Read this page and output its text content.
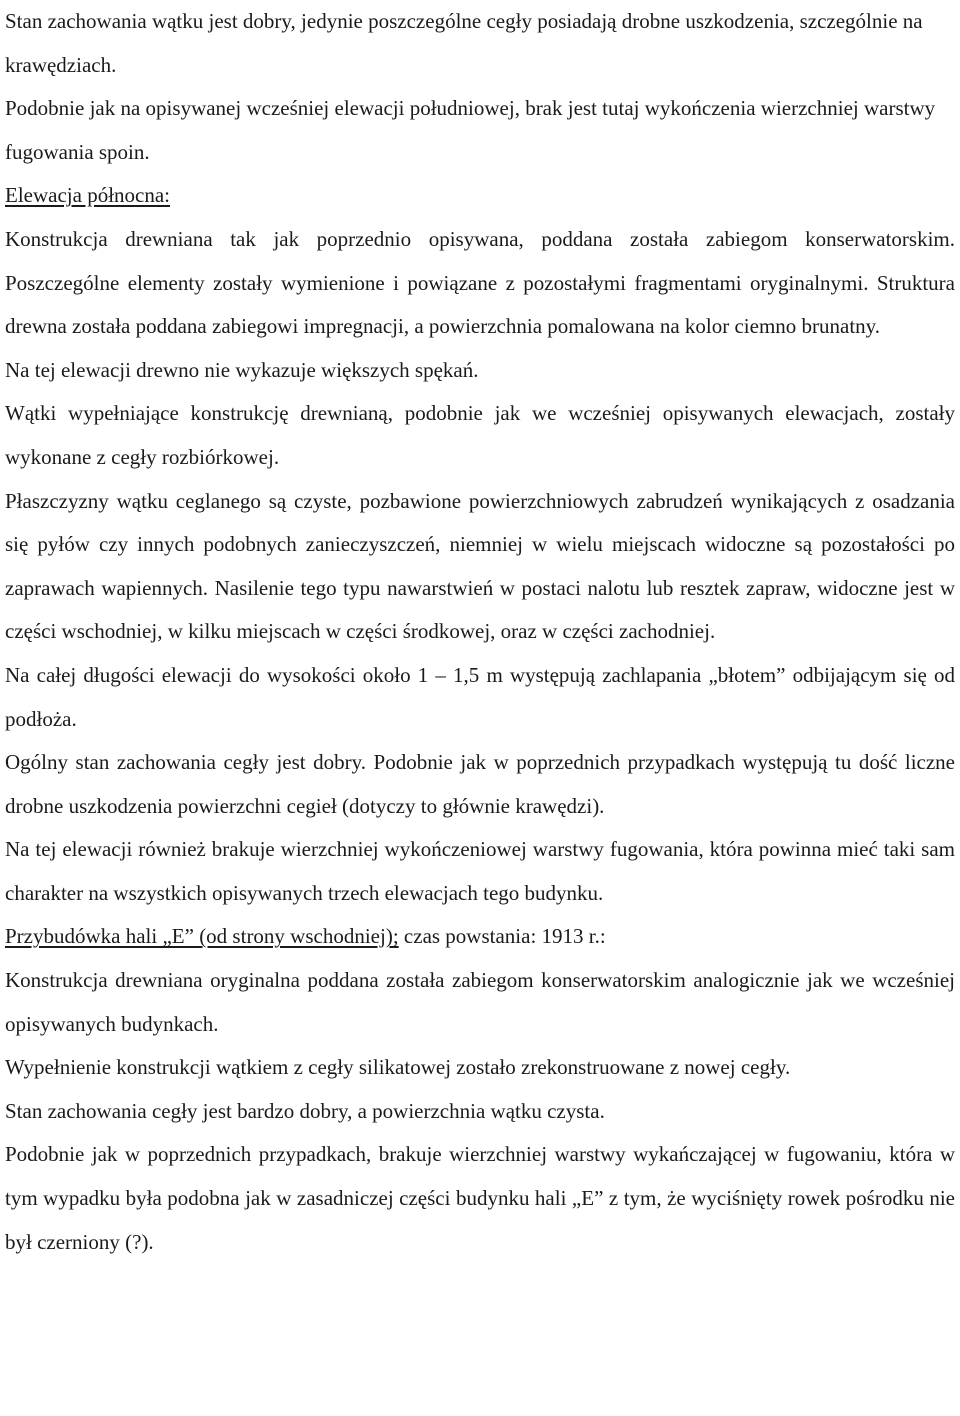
Stan zachowania wątku jest dobry, jedynie poszczególne cegły posiadają drobne uszkodzenia, szczególnie na krawędziach.

Podobnie jak na opisywanej wcześniej elewacji południowej, brak jest tutaj wykończenia wierzchniej warstwy fugowania spoin.

Elewacja północna:

Konstrukcja drewniana tak jak poprzednio opisywana, poddana została zabiegom konserwatorskim. Poszczególne elementy zostały wymienione i powiązane z pozostałymi fragmentami oryginalnymi. Struktura drewna została poddana zabiegowi impregnacji, a powierzchnia pomalowana na kolor ciemno brunatny.

Na tej elewacji drewno nie wykazuje większych spękań.

Wątki wypełniające konstrukcję drewnianą, podobnie jak we wcześniej opisywanych elewacjach, zostały wykonane z cegły rozbiórkowej.

Płaszczyzny wątku ceglanego są czyste, pozbawione powierzchniowych zabrudzeń wynikających z osadzania się pyłów czy innych podobnych zanieczyszczeń, niemniej w wielu miejscach widoczne są pozostałości po zaprawach wapiennych. Nasilenie tego typu nawarstwień w postaci nalotu lub resztek zapraw, widoczne jest w części wschodniej, w kilku miejscach w części środkowej, oraz w części zachodniej.

Na całej długości elewacji do wysokości około 1 – 1,5 m występują zachlapania „błotem” odbijającym się od podłoża.

Ogólny stan zachowania cegły jest dobry. Podobnie jak w poprzednich przypadkach występują tu dość liczne drobne uszkodzenia powierzchni cegieł (dotyczy to głównie krawędzi).

Na tej elewacji również brakuje wierzchniej wykończeniowej warstwy fugowania, która powinna mieć taki sam charakter na wszystkich opisywanych trzech elewacjach tego budynku.

Przybudówka hali „E” (od strony wschodniej); czas powstania: 1913 r.:

Konstrukcja drewniana oryginalna poddana została zabiegom konserwatorskim analogicznie jak we wcześniej opisywanych budynkach.

Wypełnienie konstrukcji wątkiem z cegły silikatowej zostało zrekonstruowane z nowej cegły.

Stan zachowania cegły jest bardzo dobry, a powierzchnia wątku czysta.

Podobnie jak w poprzednich przypadkach, brakuje wierzchniej warstwy wykańczającej w fugowaniu, która w tym wypadku była podobna jak w zasadniczej części budynku hali „E” z tym, że wyciśnięty rowek pośrodku nie był czerniony (?).
